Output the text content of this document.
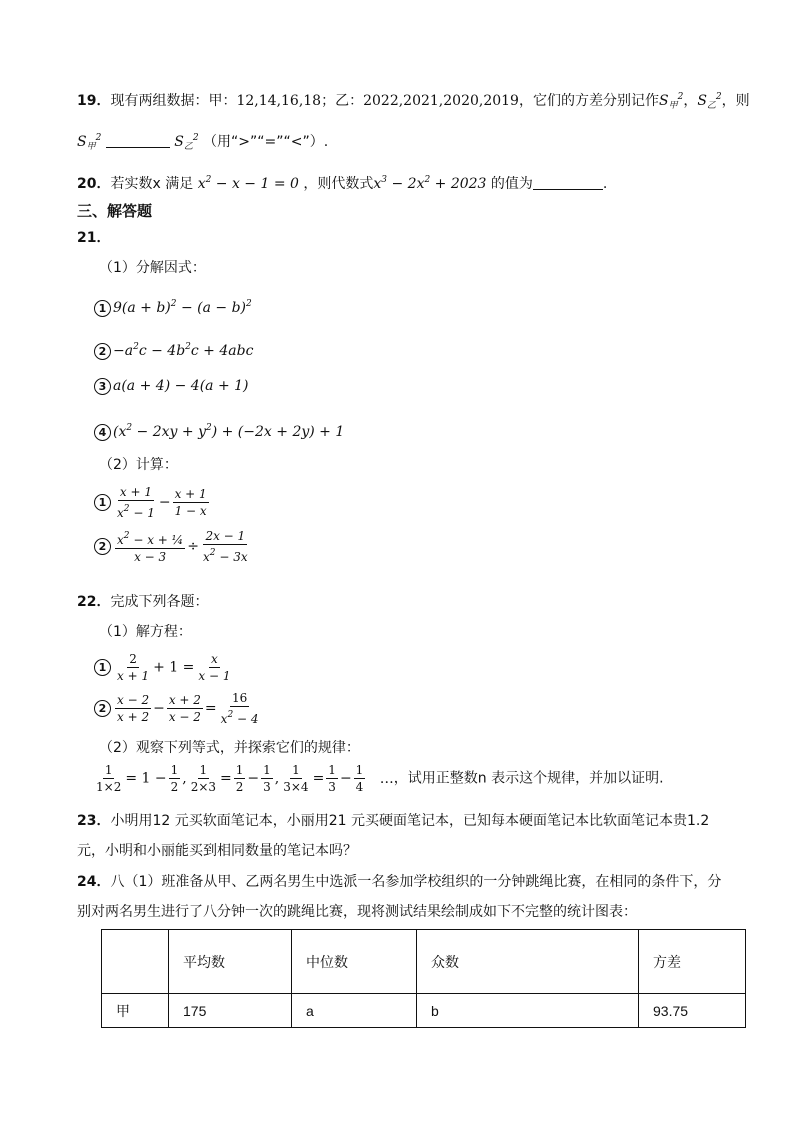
19．现有两组数据：甲：12,14,16,18；乙：2022,2021,2020,2019，它们的方差分别记作$S_甲^2$，$S_乙^2$，则
$S_甲^2$	$S_乙^2$ （用“>”“=”“<”）.
20．若实数x 满足 $x^2 - x - 1 = 0$ ，则代数式$x^3 - 2x^2 + 2023$ 的值为	.
三、解答题
21．
（1）分解因式：
1 $9(a + b)^2 - (a - b)^2$
$2 -a^2c - 4b^2c + 4abc$
3 a(a + 4) − 4(a + 1)
4 $(x^2 - 2xy + y^2) + (-2x + 2y) + 1$
（2）计算：
$1 \frac{x + 1}{x^2 - 1} - \frac{x + 1}{1 - x}$
$2 \frac{x^2 - x + \frac{1}{4}}{x - 3} \div \frac{2x - 1}{x^2 - 3x}$
22．完成下列各题：
（1）解方程：
$1 \frac{2}{x + 1} + 1 = \frac{x}{x - 1}$
$2 \frac{x - 2}{x + 2} - \frac{x + 2}{x - 2} = \frac{16}{x^2 - 4}$
（2）观察下列等式，并探索它们的规律：
$\frac{1}{1\times 2} = 1 - \frac{1}{2}$ , $\frac{1}{2\times 3} = \frac{1}{2} - \frac{1}{3}$ , $\frac{1}{3\times 4} = \frac{1}{3} - \frac{1}{4}$ …，试用正整数n 表示这个规律，并加以证明.
23．小明用12 元买软面笔记本，小丽用21 元买硬面笔记本，已知每本硬面笔记本比软面笔记本贵1.2
元，小明和小丽能买到相同数量的笔记本吗？
24．八（1）班准备从甲、乙两名男生中选派一名参加学校组织的一分钟跳绳比赛，在相同的条件下，分
别对两名男生进行了八分钟一次的跳绳比赛，现将测试结果绘制成如下不完整的统计图表：
	平均数	中位数	众数	方差
甲	175	a	b	93.75
